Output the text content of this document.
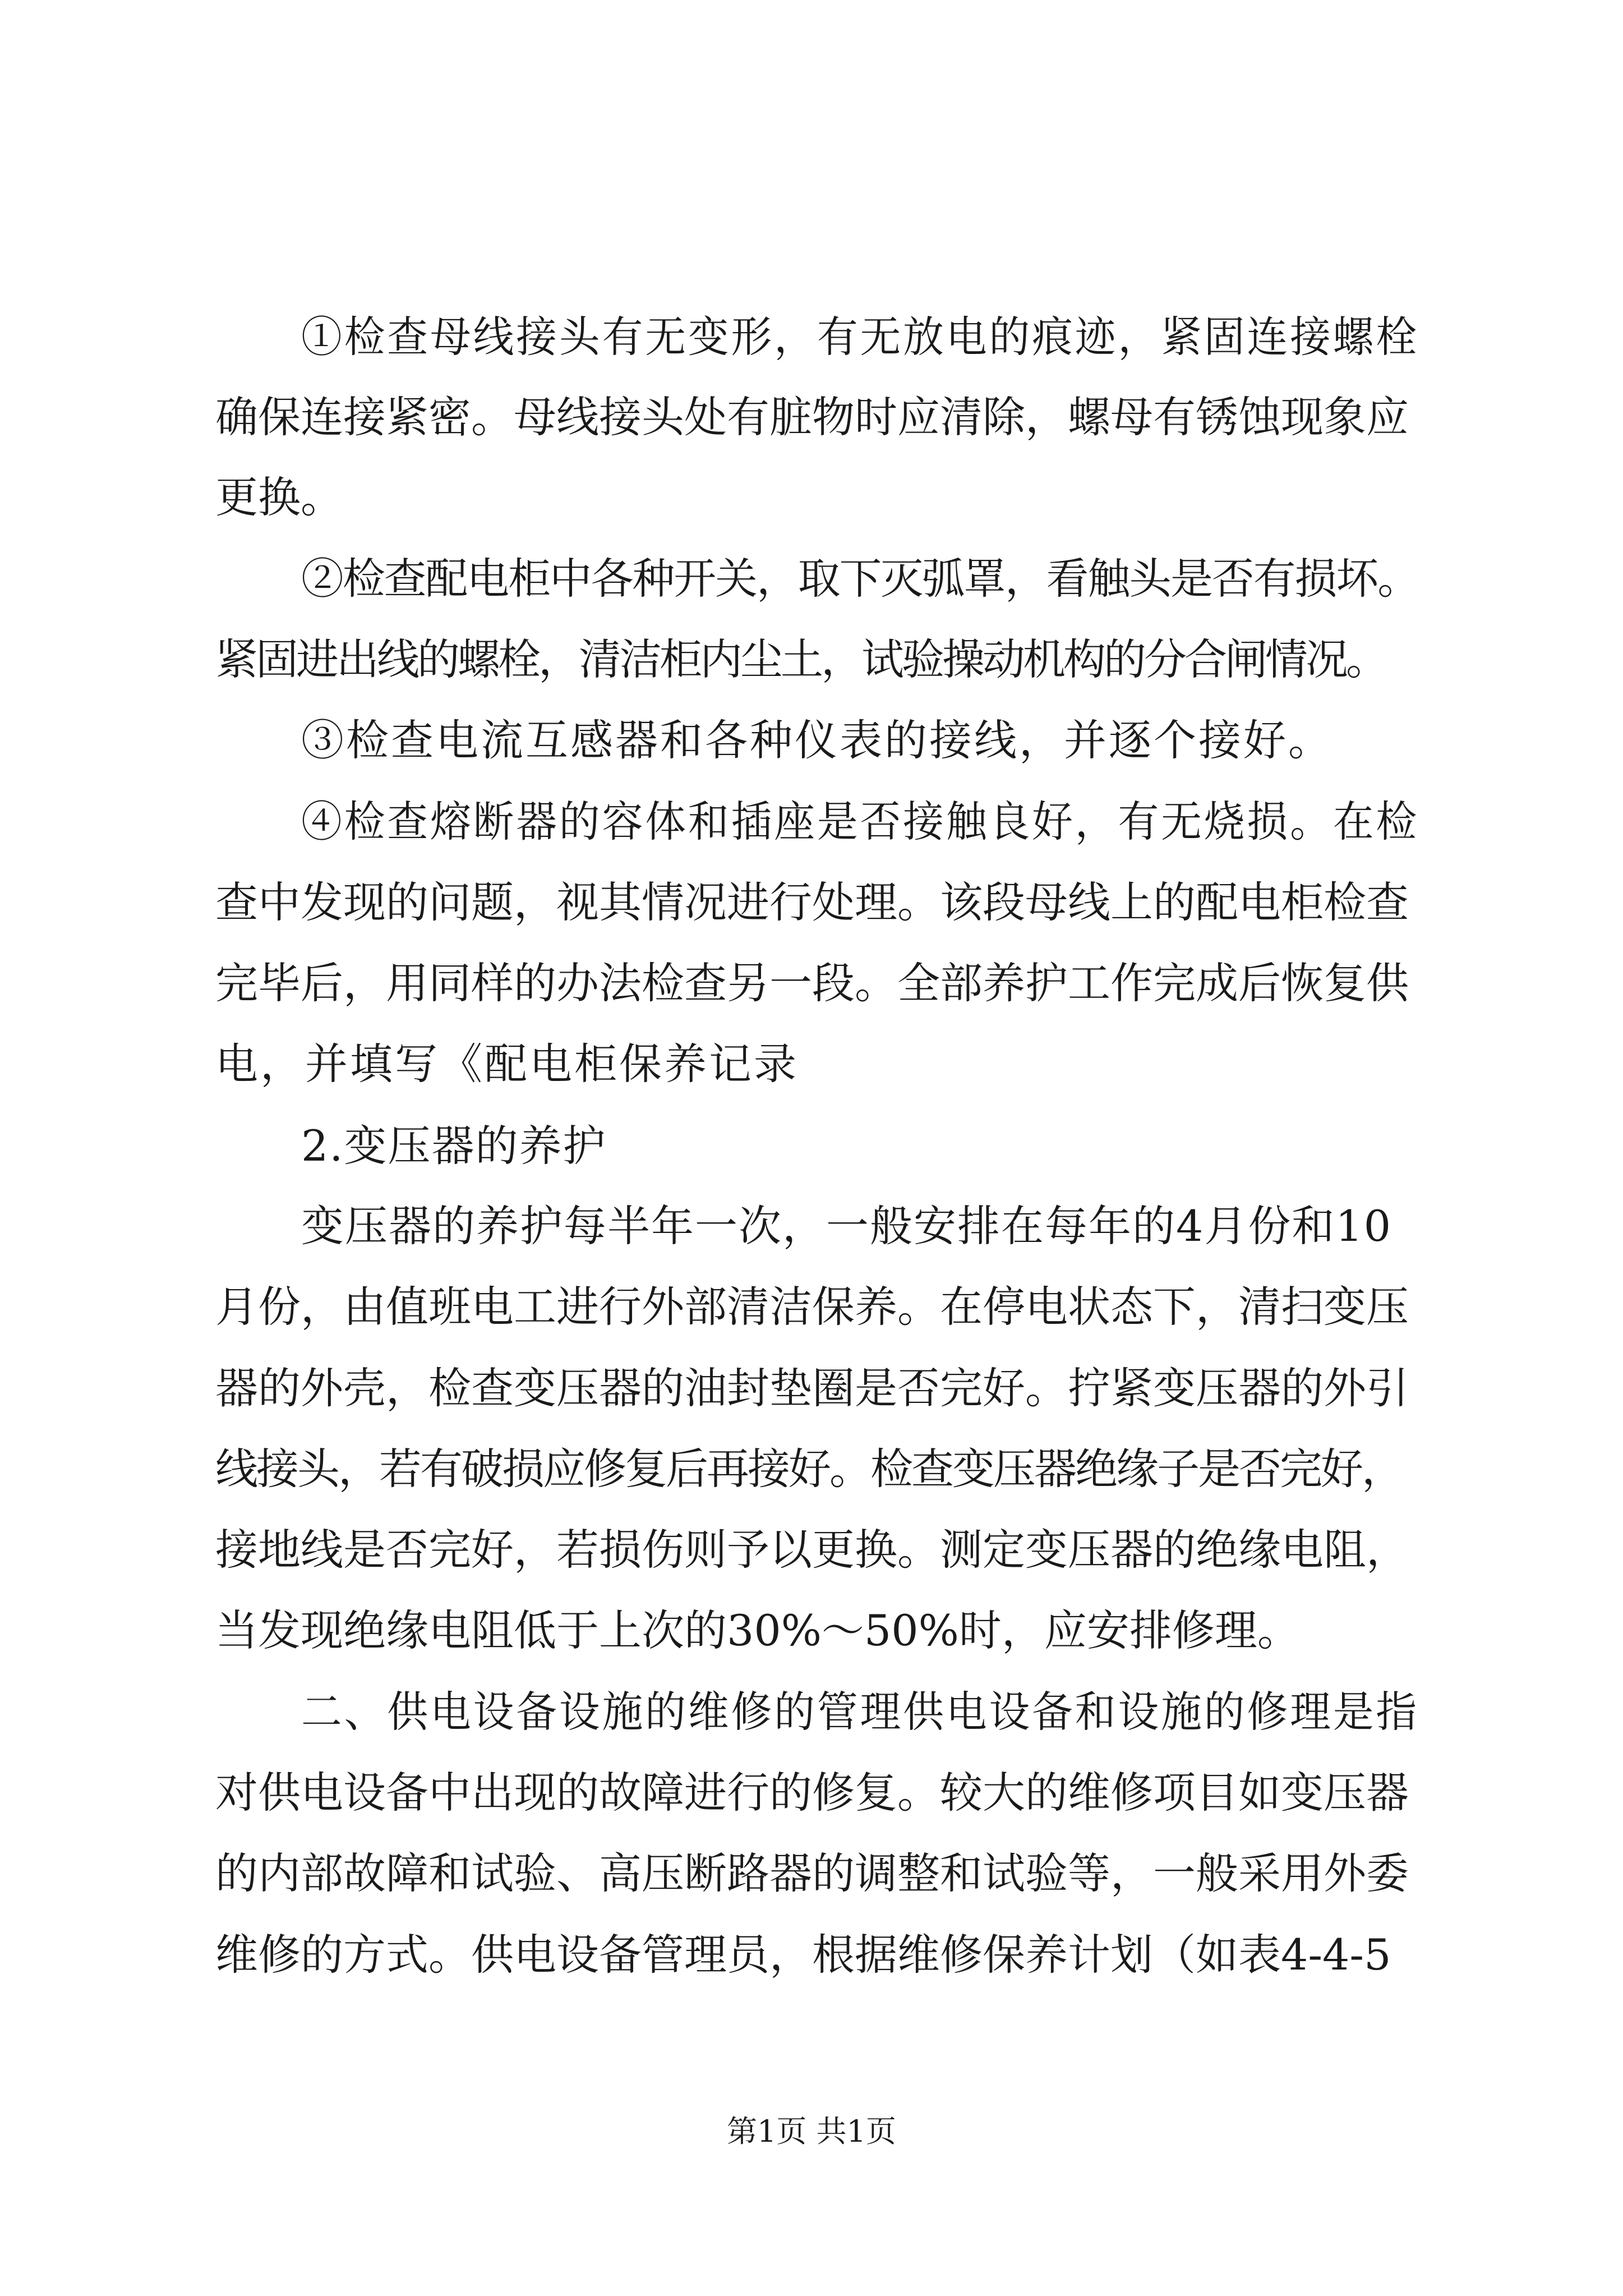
①检查母线接头有无变形，有无放电的痕迹，紧固连接螺栓
确保连接紧密。母线接头处有脏物时应清除，螺母有锈蚀现象应
更换。
②检查配电柜中各种开关，取下灭弧罩，看触头是否有损坏。
紧固进出线的螺栓，清洁柜内尘土，试验操动机构的分合闸情况。
③检查电流互感器和各种仪表的接线，并逐个接好。
④检查熔断器的容体和插座是否接触良好，有无烧损。在检
查中发现的问题，视其情况进行处理。该段母线上的配电柜检查
完毕后，用同样的办法检查另一段。全部养护工作完成后恢复供
电，并填写《配电柜保养记录
2.变压器的养护
变压器的养护每半年一次，一般安排在每年的4月份和10
月份，由值班电工进行外部清洁保养。在停电状态下，清扫变压
器的外壳，检查变压器的油封垫圈是否完好。拧紧变压器的外引
线接头，若有破损应修复后再接好。检查变压器绝缘子是否完好，
接地线是否完好，若损伤则予以更换。测定变压器的绝缘电阻，
当发现绝缘电阻低于上次的30%～50%时，应安排修理。
二、供电设备设施的维修的管理供电设备和设施的修理是指
对供电设备中出现的故障进行的修复。较大的维修项目如变压器
的内部故障和试验、高压断路器的调整和试验等，一般采用外委
维修的方式。供电设备管理员，根据维修保养计划（如表4-4-5
第1页 共1页
